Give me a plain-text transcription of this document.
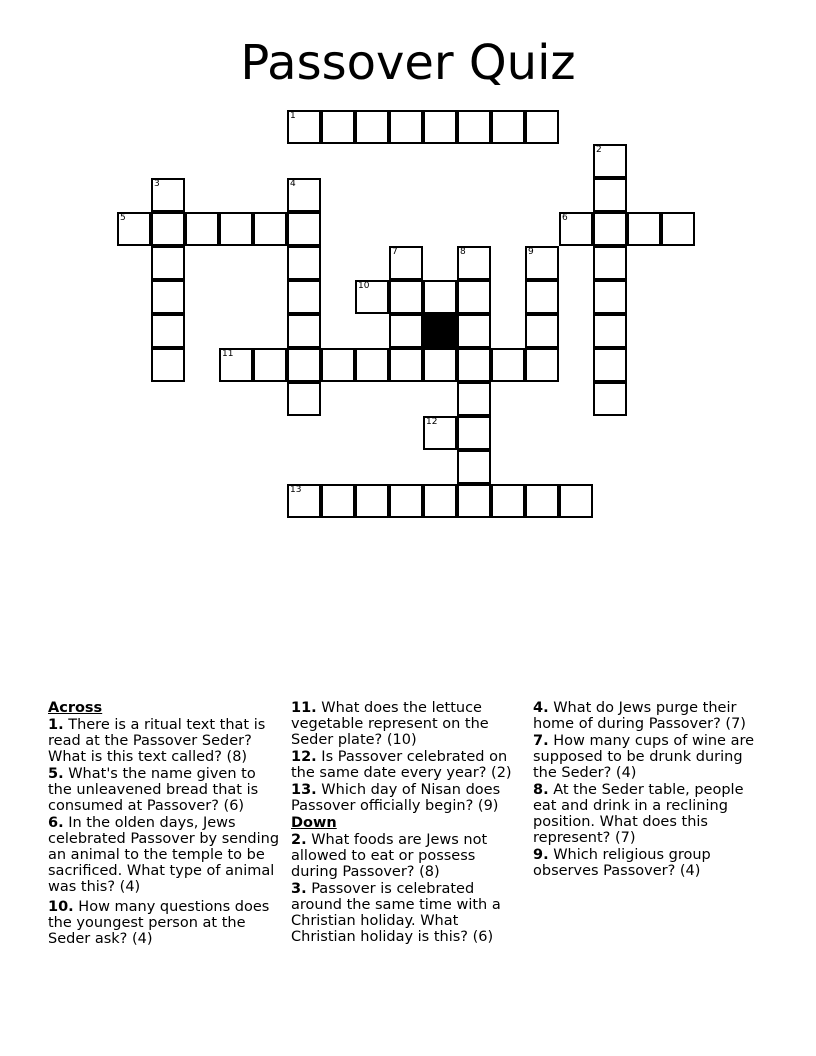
Passover Quiz
1
2
3	4
5	6
7	8	9
10
11
12
13

Across

1. There is a ritual text that is read at the Passover Seder? What is this text called? (8)

5. What's the name given to the unleavened bread that is consumed at Passover? (6)

6. In the olden days, Jews celebrated Passover by sending an animal to the temple to be sacrificed. What type of animal was this? (4)

10. How many questions does the youngest person at the Seder ask? (4)

11. What does the lettuce vegetable represent on the Seder plate? (10)

12. Is Passover celebrated on the same date every year? (2)

13. Which day of Nisan does Passover officially begin? (9)

Down

2. What foods are Jews not allowed to eat or possess during Passover? (8)

3. Passover is celebrated around the same time with a Christian holiday. What Christian holiday is this? (6)

4. What do Jews purge their home of during Passover? (7)

7. How many cups of wine are supposed to be drunk during the Seder? (4)

8. At the Seder table, people eat and drink in a reclining position. What does this represent? (7)

9. Which religious group observes Passover? (4)
